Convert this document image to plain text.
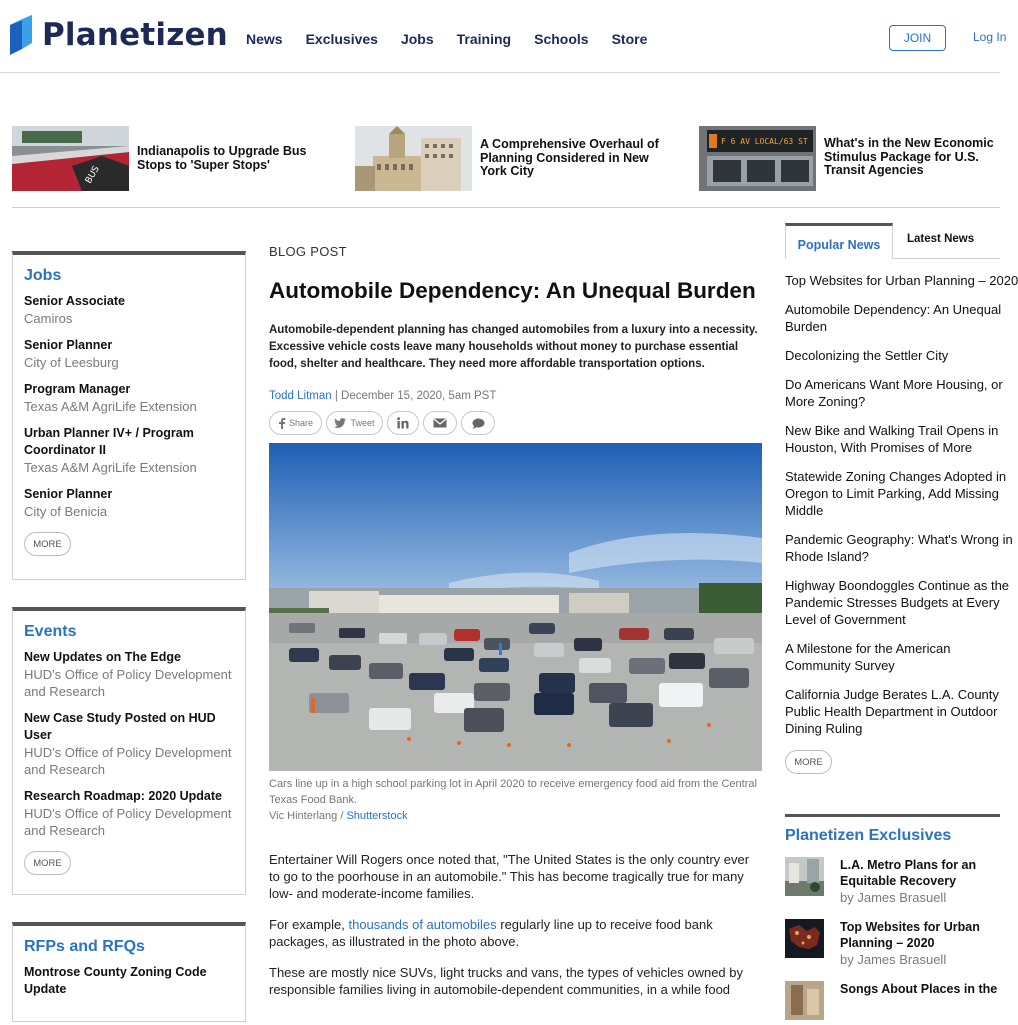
Planetizen News Exclusives Jobs Training Schools Store	JOIN	Log In
BUS
Indianapolis to Upgrade Bus Stops to 'Super Stops'
A Comprehensive Overhaul of Planning Considered in New York City
F 6 AV LOCAL/63 ST What's in the New Economic Stimulus Package for U.S. Transit Agencies
Jobs
Senior Associate
Camiros
Senior Planner
City of Leesburg
Program Manager
Texas A&M AgriLife Extension
Urban Planner IV+ / Program Coordinator II
Texas A&M AgriLife Extension
Senior Planner
City of Benicia
MORE
Events
New Updates on The Edge
HUD's Office of Policy Development and Research
New Case Study Posted on HUD User
HUD's Office of Policy Development and Research
Research Roadmap: 2020 Update
HUD's Office of Policy Development and Research
MORE
RFPs and RFQs
Montrose County Zoning Code Update
BLOG POST
Automobile Dependency: An Unequal Burden

Automobile-dependent planning has changed automobiles from a luxury into a necessity. Excessive vehicle costs leave many households without money to purchase essential food, shelter and healthcare. They need more affordable transportation options.

Todd Litman | December 15, 2020, 5am PST
Share	Tweet

Cars line up in a high school parking lot in April 2020 to receive emergency food aid from the Central Texas Food Bank.

Vic Hinterlang / Shutterstock

Entertainer Will Rogers once noted that, "The United States is the only country ever to go to the poorhouse in an automobile." This has become tragically true for many low- and moderate-income families.

For example, thousands of automobiles regularly line up to receive food bank packages, as illustrated in the photo above.

These are mostly nice SUVs, light trucks and vans, the types of vehicles owned by responsible families living in automobile-dependent communities, in a while food

Popular News	Latest News
Top Websites for Urban Planning – 2020
Automobile Dependency: An Unequal
Burden
Decolonizing the Settler City
Do Americans Want More Housing, or
More Zoning?
New Bike and Walking Trail Opens in
Houston, With Promises of More
Statewide Zoning Changes Adopted in
Oregon to Limit Parking, Add Missing
Middle
Pandemic Geography: What's Wrong in
Rhode Island?
Highway Boondoggles Continue as the
Pandemic Stresses Budgets at Every
Level of Government
A Milestone for the American
Community Survey
California Judge Berates L.A. County
Public Health Department in Outdoor
Dining Ruling
MORE
Planetizen Exclusives
L.A. Metro Plans for an Equitable Recovery
by James Brasuell
Top Websites for Urban Planning – 2020
by James Brasuell
Songs About Places in the
